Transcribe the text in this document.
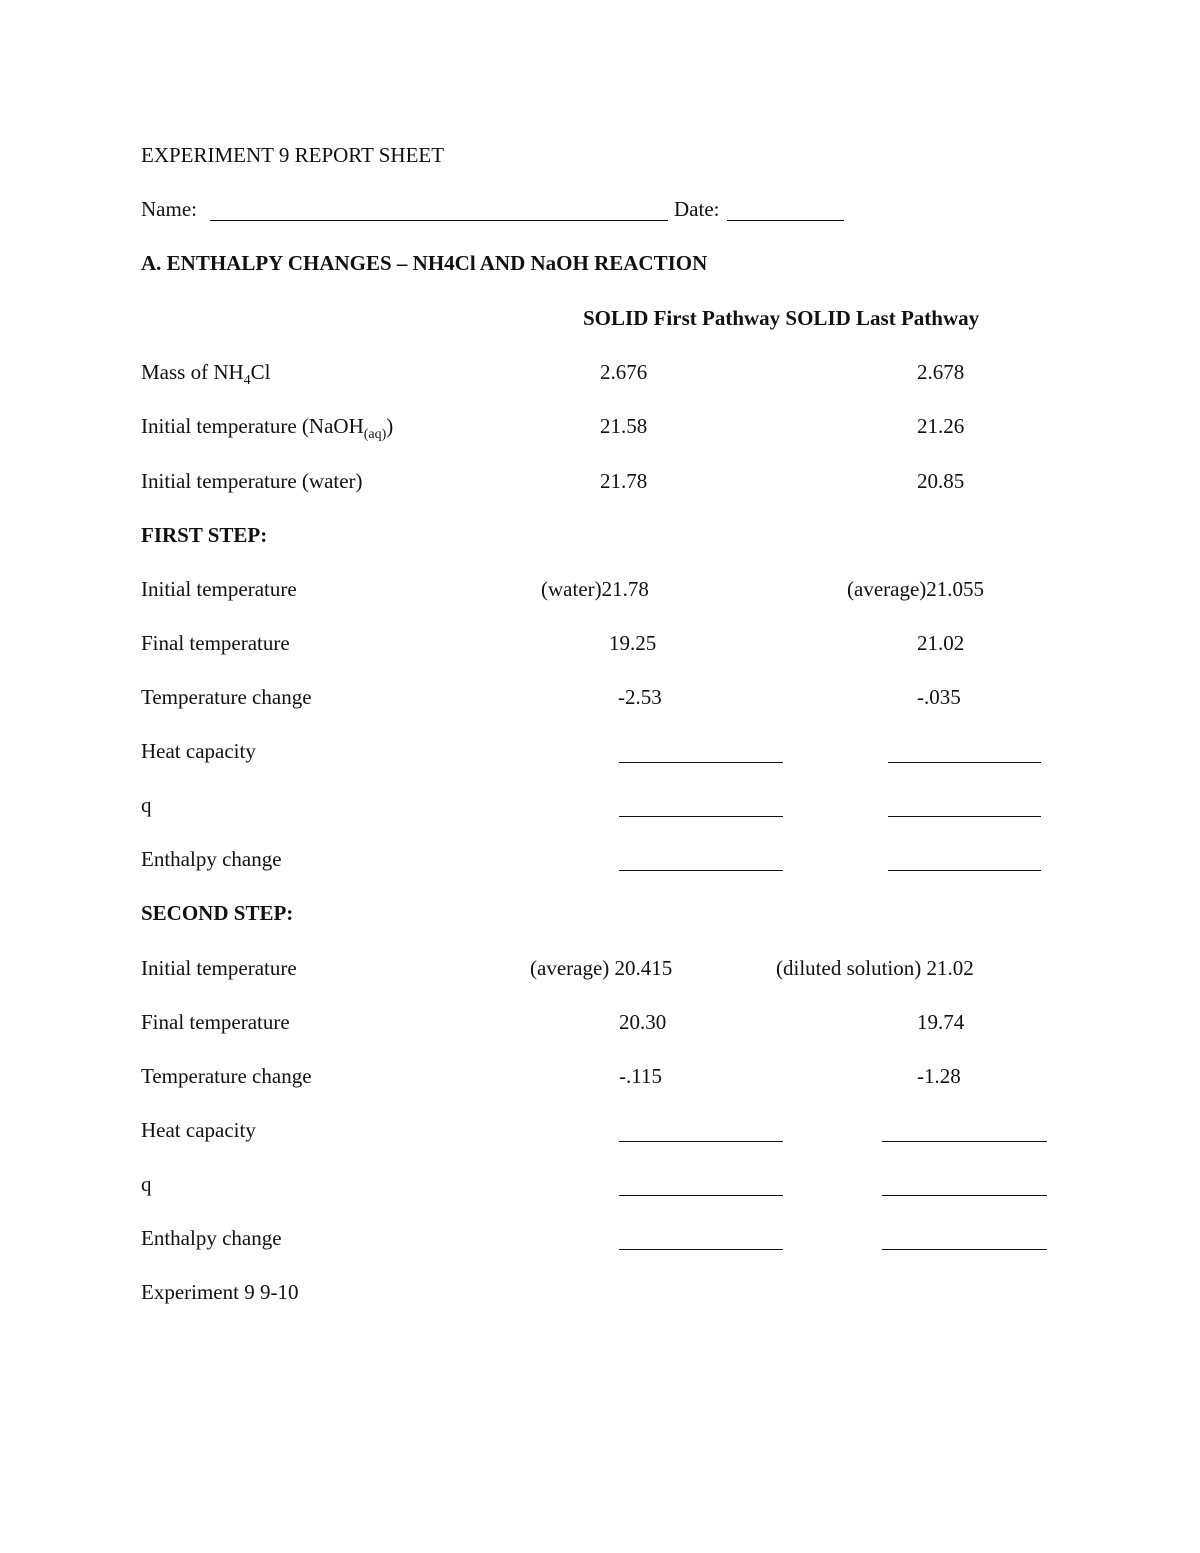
EXPERIMENT 9 REPORT SHEET
Name:	Date:
A. ENTHALPY CHANGES – NH4Cl AND NaOH REACTION
SOLID First Pathway SOLID Last Pathway
Mass of $NH_4Cl$	2.676	2.678
Initial temperature (NaOH$_{(aq)}$)	21.58	21.26
Initial temperature (water)	21.78	20.85
FIRST STEP:
Initial temperature	(water)21.78	(average)21.055
Final temperature	19.25	21.02
Temperature change	-2.53	-.035
Heat capacity
q
Enthalpy change
SECOND STEP:
Initial temperature	(average) 20.415	(diluted solution) 21.02
Final temperature	20.30	19.74
Temperature change	-.115	-1.28
Heat capacity
q
Enthalpy change
Experiment 9 9-10
